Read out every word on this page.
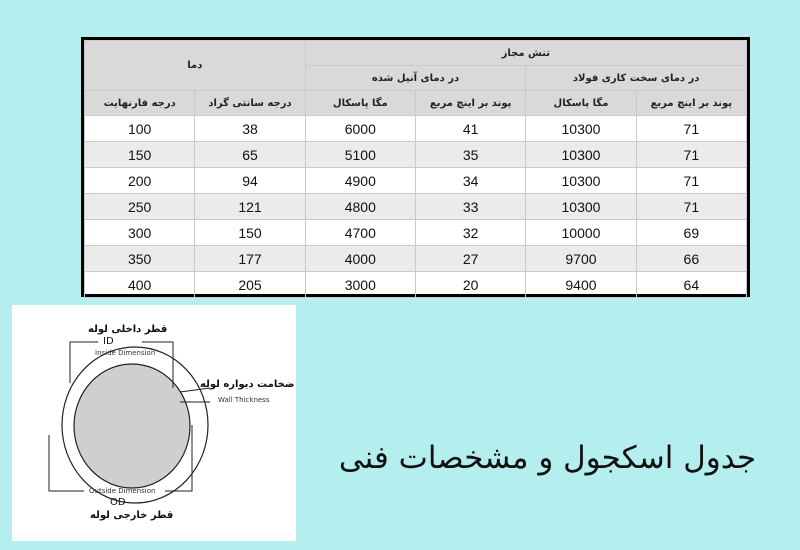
دما		تنش مجاز			
		در دمای آنیل شده		در دمای سخت کاری فولاد	
درجه فارنهایت	درجه سانتی گراد	مگا پاسکال	پوند بر اینچ مربع	مگا پاسکال	پوند بر اینچ مربع
100	38	6000	41	10300	71
150	65	5100	35	10300	71
200	94	4900	34	10300	71
250	121	4800	33	10300	71
300	150	4700	32	10000	69
350	177	4000	27	9700	66
400	205	3000	20	9400	64
قطر داخلی لوله
ID
Inside Dimension
ضخامت دیواره لوله
Wall Thickness
Outside Dimension
OD
قطر خارجی لوله
جدول اسکجول و مشخصات فنی
